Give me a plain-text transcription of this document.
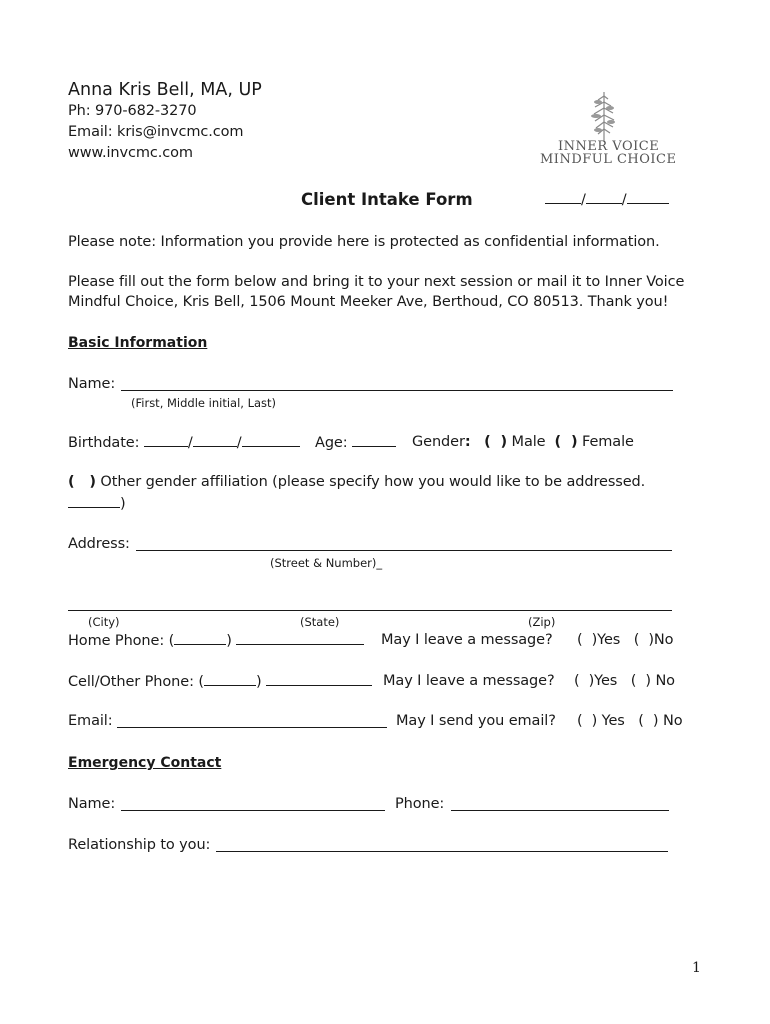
Anna Kris Bell, MA, UP
Ph: 970-682-3270
Email: kris@invcmc.com
www.invcmc.com	INNER VOICE
MINDFUL CHOICE
Client Intake Form	/ /
Please note: Information you provide here is protected as confidential information.
Please fill out the form below and bring it to your next session or mail it to Inner Voice
Mindful Choice, Kris Bell, 1506 Mount Meeker Ave, Berthoud, CO 80513. Thank you!
Basic Information
Name:
(First, Middle initial, Last)
Birthdate:	/	/	Age:	Gender: (  ) Male (  ) Female
(   ) Other gender affiliation (please specify how you would like to be addressed.
)
Address:
(Street & Number)_
(City)	(State)	(Zip)
Home Phone: (	)	May I leave a message? (  )Yes (  )No
Cell/Other Phone: (	)	May I leave a message? (  )Yes (  ) No
Email:	May I send you email? (  ) Yes (  ) No
Emergency Contact
Name:	Phone:
Relationship to you:
1
